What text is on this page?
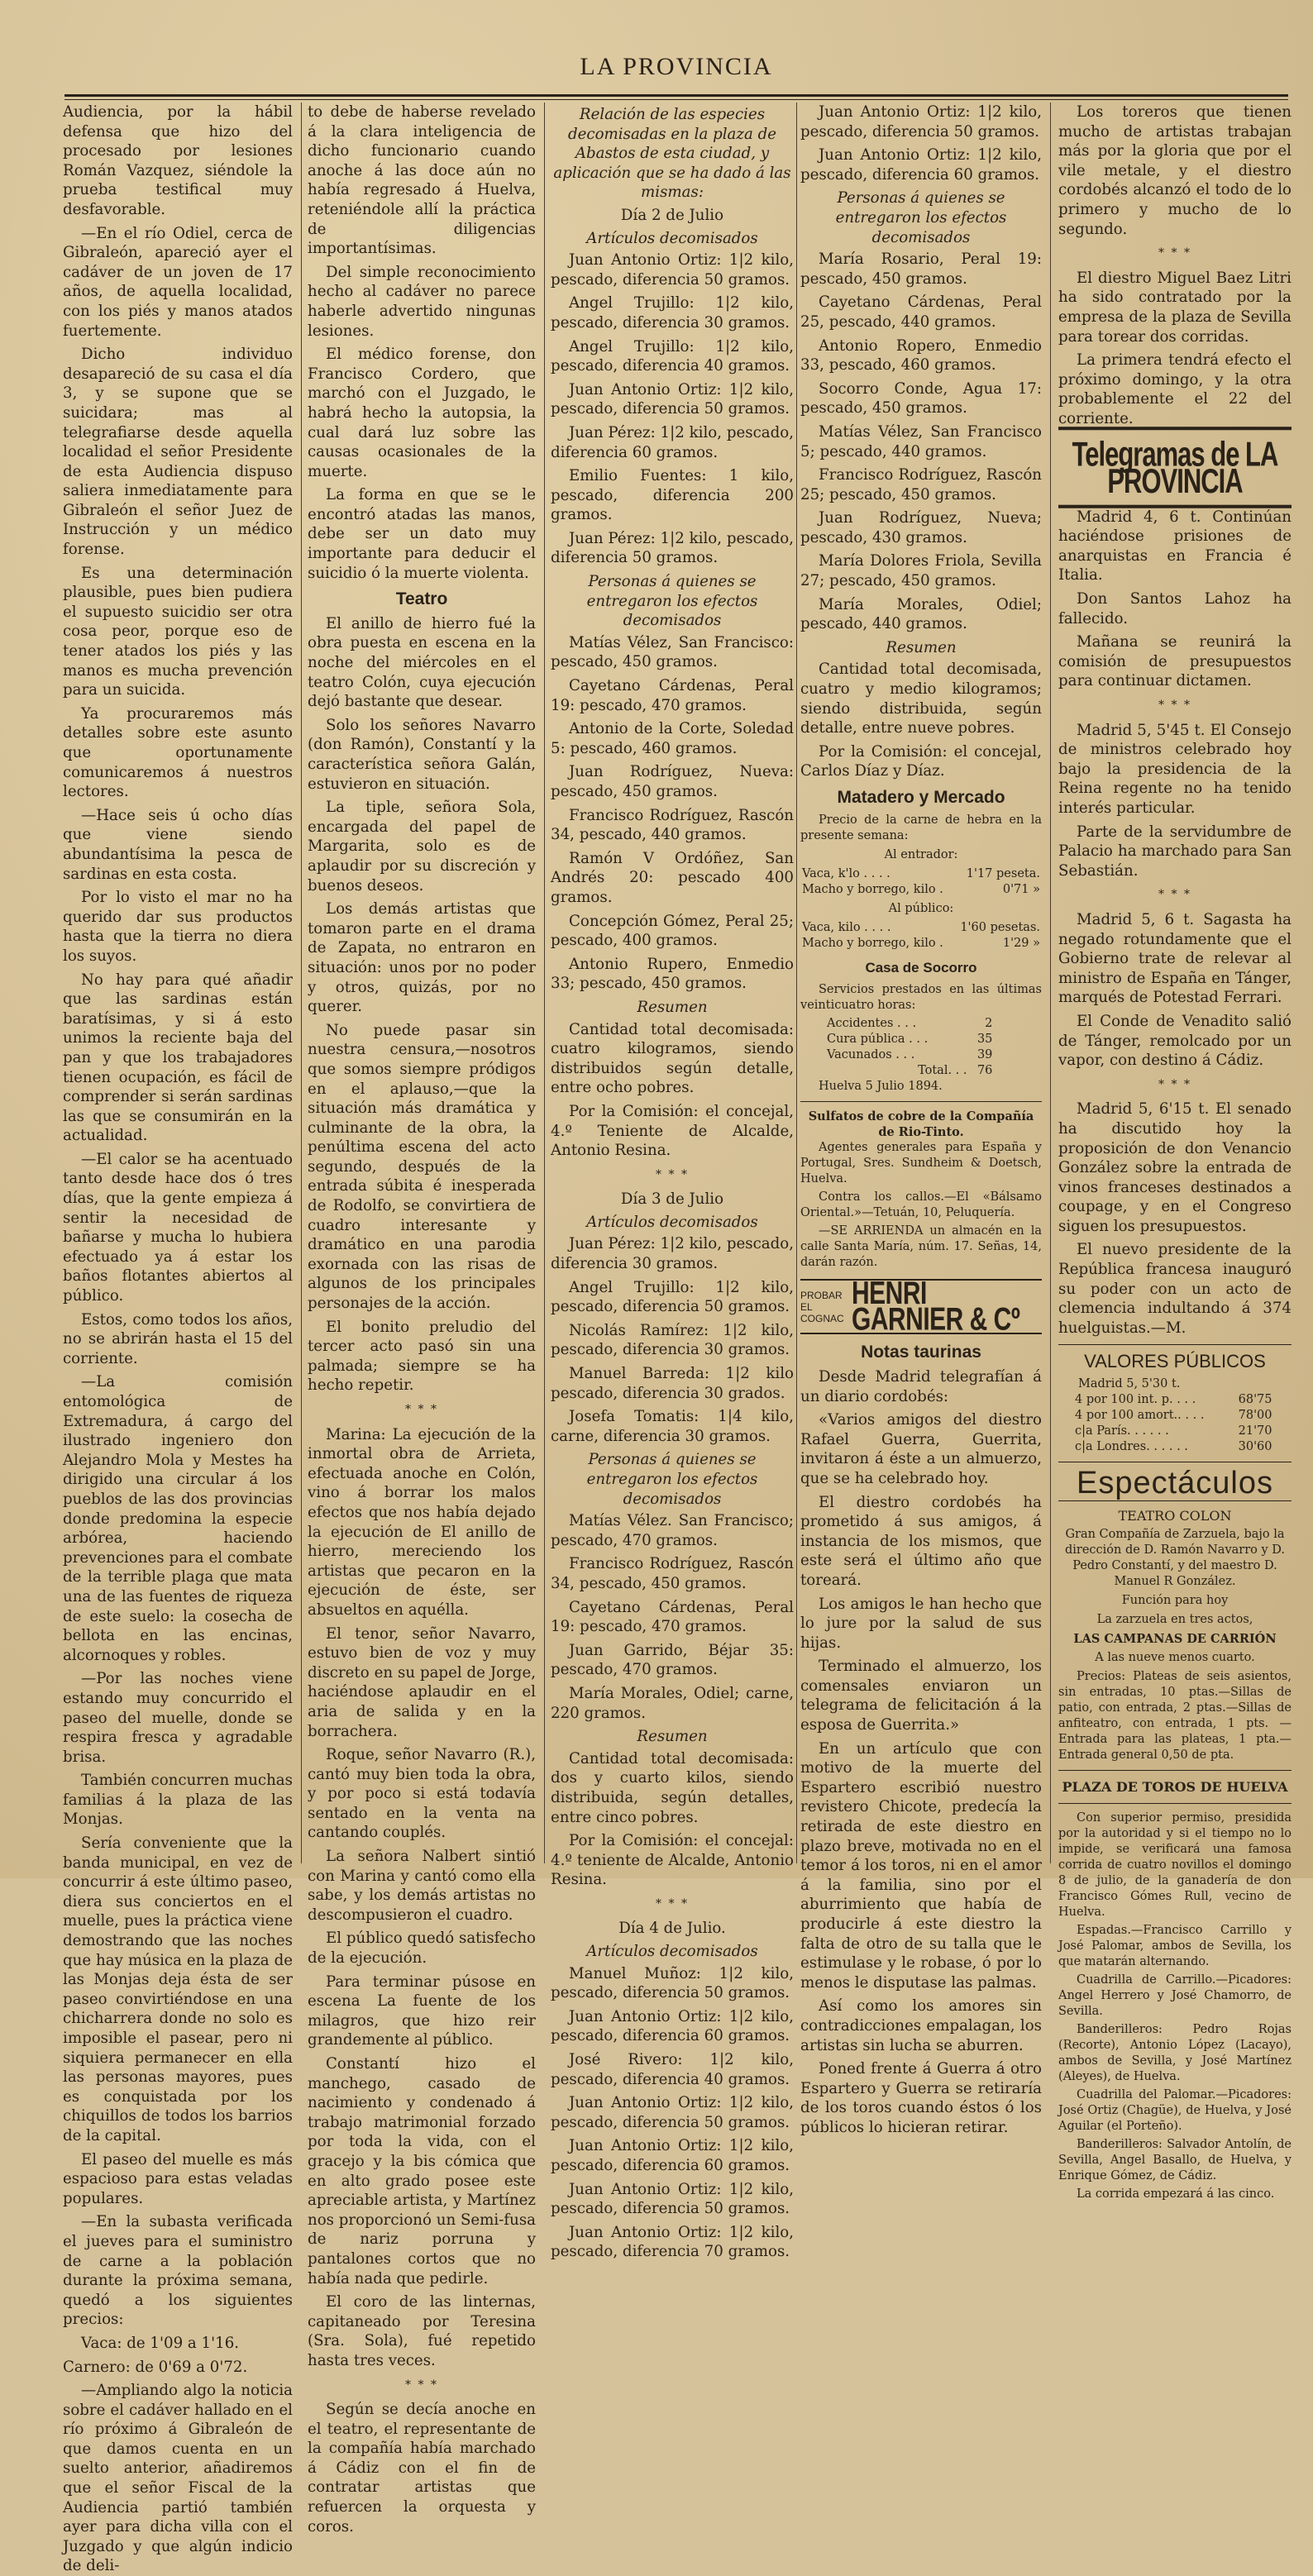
LA PROVINCIA

Audiencia, por la hábil defensa que hizo del procesado por lesiones Román Vazquez, siéndole la prueba testifical muy desfavorable.

—En el río Odiel, cerca de Gibraleón, apareció ayer el cadáver de un joven de 17 años, de aquella localidad, con los piés y manos atados fuertemente.

Dicho individuo desapareció de su casa el día 3, y se supone que se suicidara; mas al telegrafiarse desde aquella localidad el señor Presidente de esta Audiencia dispuso saliera inmediatamente para Gibraleón el señor Juez de Instrucción y un médico forense.

Es una determinación plausible, pues bien pudiera el supuesto suicidio ser otra cosa peor, porque eso de tener atados los piés y las manos es mucha prevención para un suicida.

Ya procuraremos más detalles sobre este asunto que oportunamente comunicaremos á nuestros lectores.

—Hace seis ú ocho días que viene siendo abundantísima la pesca de sardinas en esta costa.

Por lo visto el mar no ha querido dar sus productos hasta que la tierra no diera los suyos.

No hay para qué añadir que las sardinas están baratísimas, y si á esto unimos la reciente baja del pan y que los trabajadores tienen ocupación, es fácil de comprender si serán sardinas las que se consumirán en la actualidad.

—El calor se ha acentuado tanto desde hace dos ó tres días, que la gente empieza á sentir la necesidad de bañarse y mucha lo hubiera efectuado ya á estar los baños flotantes abiertos al público.

Estos, como todos los años, no se abrirán hasta el 15 del corriente.

—La comisión entomológica de Extremadura, á cargo del ilustrado ingeniero don Alejandro Mola y Mestes ha dirigido una circular á los pueblos de las dos provincias donde predomina la especie arbórea, haciendo prevenciones para el combate de la terrible plaga que mata una de las fuentes de riqueza de este suelo: la cosecha de bellota en las encinas, alcornoques y robles.

—Por las noches viene estando muy concurrido el paseo del muelle, donde se respira fresca y agradable brisa.

También concurren muchas familias á la plaza de las Monjas.

Sería conveniente que la banda municipal, en vez de concurrir á este último paseo, diera sus conciertos en el muelle, pues la práctica viene demostrando que las noches que hay música en la plaza de las Monjas deja ésta de ser paseo convirtiéndose en una chicharrera donde no solo es imposible el pasear, pero ni siquiera permanecer en ella las personas mayores, pues es conquistada por los chiquillos de todos los barrios de la capital.

El paseo del muelle es más espacioso para estas veladas populares.

—En la subasta verificada el jueves para el suministro de carne a la población durante la próxima semana, quedó a los siguientes precios:

Vaca: de 1'09 a 1'16.

Carnero: de 0'69 a 0'72.

—Ampliando algo la noticia sobre el cadáver hallado en el río próximo á Gibraleón de que damos cuenta en un suelto anterior, añadiremos que el señor Fiscal de la Audiencia partió también ayer para dicha villa con el Juzgado y que algún indicio de deli-

to debe de haberse revelado á la clara inteligencia de dicho funcionario cuando anoche á las doce aún no había regresado á Huelva, reteniéndole allí la práctica de diligencias importantísimas.

Del simple reconocimiento hecho al cadáver no parece haberle advertido ningunas lesiones.

El médico forense, don Francisco Cordero, que marchó con el Juzgado, le habrá hecho la autopsia, la cual dará luz sobre las causas ocasionales de la muerte.

La forma en que se le encontró atadas las manos, debe ser un dato muy importante para deducir el suicidio ó la muerte violenta.

Teatro

El anillo de hierro fué la obra puesta en escena en la noche del miércoles en el teatro Colón, cuya ejecución dejó bastante que desear.

Solo los señores Navarro (don Ramón), Constantí y la característica señora Galán, estuvieron en situación.

La tiple, señora Sola, encargada del papel de Margarita, solo es de aplaudir por su discreción y buenos deseos.

Los demás artistas que tomaron parte en el drama de Zapata, no entraron en situación: unos por no poder y otros, quizás, por no querer.

No puede pasar sin nuestra censura,—nosotros que somos siempre pródigos en el aplauso,—que la situación más dramática y culminante de la obra, la penúltima escena del acto segundo, después de la entrada súbita é inesperada de Rodolfo, se convirtiera de cuadro interesante y dramático en una parodia exornada con las risas de algunos de los principales personajes de la acción.

El bonito preludio del tercer acto pasó sin una palmada; siempre se ha hecho repetir.

* * *

Marina: La ejecución de la inmortal obra de Arrieta, efectuada anoche en Colón, vino á borrar los malos efectos que nos había dejado la ejecución de El anillo de hierro, mereciendo los artistas que pecaron en la ejecución de éste, ser absueltos en aquélla.

El tenor, señor Navarro, estuvo bien de voz y muy discreto en su papel de Jorge, haciéndose aplaudir en el aria de salida y en la borrachera.

Roque, señor Navarro (R.), cantó muy bien toda la obra, y por poco si está todavía sentado en la venta na cantando couplés.

La señora Nalbert sintió con Marina y cantó como ella sabe, y los demás artistas no descompusieron el cuadro.

El público quedó satisfecho de la ejecución.

Para terminar púsose en escena La fuente de los milagros, que hizo reir grandemente al público.

Constantí hizo el manchego, casado de nacimiento y condenado á trabajo matrimonial forzado por toda la vida, con el gracejo y la bis cómica que en alto grado posee este apreciable artista, y Martínez nos proporcionó un Semi-fusa de nariz porruna y pantalones cortos que no había nada que pedirle.

El coro de las linternas, capitaneado por Teresina (Sra. Sola), fué repetido hasta tres veces.

* * *

Según se decía anoche en el teatro, el representante de la compañía había marchado á Cádiz con el fin de contratar artistas que refuercen la orquesta y coros.

Relación de las especies decomisadas en la plaza de Abastos de esta ciudad, y aplicación que se ha dado á las mismas:
Día 2 de Julio
Artículos decomisados

Juan Antonio Ortiz: 1|2 kilo, pescado, diferencia 50 gramos.

Angel Trujillo: 1|2 kilo, pescado, diferencia 30 gramos.

Angel Trujillo: 1|2 kilo, pescado, diferencia 40 gramos.

Juan Antonio Ortiz: 1|2 kilo, pescado, diferencia 50 gramos.

Juan Pérez: 1|2 kilo, pescado, diferencia 60 gramos.

Emilio Fuentes: 1 kilo, pescado, diferencia 200 gramos.

Juan Pérez: 1|2 kilo, pescado, diferencia 50 gramos.

Personas á quienes se entregaron los efectos decomisados

Matías Vélez, San Francisco: pescado, 450 gramos.

Cayetano Cárdenas, Peral 19: pescado, 470 gramos.

Antonio de la Corte, Soledad 5: pescado, 460 gramos.

Juan Rodríguez, Nueva: pescado, 450 gramos.

Francisco Rodríguez, Rascón 34, pescado, 440 gramos.

Ramón V Ordóñez, San Andrés 20: pescado 400 gramos.

Concepción Gómez, Peral 25; pescado, 400 gramos.

Antonio Rupero, Enmedio 33; pescado, 450 gramos.

Resumen

Cantidad total decomisada: cuatro kilogramos, siendo distribuidos según detalle, entre ocho pobres.

Por la Comisión: el concejal, 4.º Teniente de Alcalde, Antonio Resina.

* * *
Día 3 de Julio
Artículos decomisados

Juan Pérez: 1|2 kilo, pescado, diferencia 30 gramos.

Angel Trujillo: 1|2 kilo, pescado, diferencia 50 gramos.

Nicolás Ramírez: 1|2 kilo, pescado, diferencia 30 gramos.

Manuel Barreda: 1|2 kilo pescado, diferencia 30 grados.

Josefa Tomatis: 1|4 kilo, carne, diferencia 30 gramos.

Personas á quienes se entregaron los efectos decomisados

Matías Vélez. San Francisco; pescado, 470 gramos.

Francisco Rodríguez, Rascón 34, pescado, 450 gramos.

Cayetano Cárdenas, Peral 19: pescado, 470 gramos.

Juan Garrido, Béjar 35: pescado, 470 gramos.

María Morales, Odiel; carne, 220 gramos.

Resumen

Cantidad total decomisada: dos y cuarto kilos, siendo distribuida, según detalles, entre cinco pobres.

Por la Comisión: el concejal: 4.º teniente de Alcalde, Antonio Resina.

* * *
Día 4 de Julio.
Artículos decomisados

Manuel Muñoz: 1|2 kilo, pescado, diferencia 50 gramos.

Juan Antonio Ortiz: 1|2 kilo, pescado, diferencia 60 gramos.

José Rivero: 1|2 kilo, pescado, diferencia 40 gramos.

Juan Antonio Ortiz: 1|2 kilo, pescado, diferencia 50 gramos.

Juan Antonio Ortiz: 1|2 kilo, pescado, diferencia 60 gramos.

Juan Antonio Ortiz: 1|2 kilo, pescado, diferencia 50 gramos.

Juan Antonio Ortiz: 1|2 kilo, pescado, diferencia 70 gramos.

Juan Antonio Ortiz: 1|2 kilo, pescado, diferencia 50 gramos.

Juan Antonio Ortiz: 1|2 kilo, pescado, diferencia 60 gramos.

Personas á quienes se entregaron los efectos decomisados

María Rosario, Peral 19: pescado, 450 gramos.

Cayetano Cárdenas, Peral 25, pescado, 440 gramos.

Antonio Ropero, Enmedio 33, pescado, 460 gramos.

Socorro Conde, Agua 17: pescado, 450 gramos.

Matías Vélez, San Francisco 5; pescado, 440 gramos.

Francisco Rodríguez, Rascón 25; pescado, 450 gramos.

Juan Rodríguez, Nueva; pescado, 430 gramos.

María Dolores Friola, Sevilla 27; pescado, 450 gramos.

María Morales, Odiel; pescado, 440 gramos.

Resumen

Cantidad total decomisada, cuatro y medio kilogramos; siendo distribuida, según detalle, entre nueve pobres.

Por la Comisión: el concejal, Carlos Díaz y Díaz.

Matadero y Mercado

Precio de la carne de hebra en la presente semana:

Al entrador:
Vaca, k'lo . . . .	1'17 peseta.
Macho y borrego, kilo .	0'71 »
Al público:
Vaca, kilo . . . .	1'60 pesetas.
Macho y borrego, kilo .	1'29 »
Casa de Socorro

Servicios prestados en las últimas veinticuatro horas:

Accidentes . . .	2
Cura pública . . .	35
Vacunados . . .	39
Total. . .	76

Huelva 5 Julio 1894.

Sulfatos de cobre de la Compañía de Rio-Tinto.

Agentes generales para España y Portugal, Sres. Sundheim & Doetsch, Huelva.

Contra los callos.—El «Bálsamo Oriental.»—Tetuán, 10, Peluquería.

—SE ARRIENDA un almacén en la calle Santa María, núm. 17. Señas, 14, darán razón.

PROBAR EL COGNAC
HENRI GARNIER & Cº
Notas taurinas

Desde Madrid telegrafían á un diario cordobés:

«Varios amigos del diestro Rafael Guerra, Guerrita, invitaron á éste a un almuerzo, que se ha celebrado hoy.

El diestro cordobés ha prometido á sus amigos, á instancia de los mismos, que este será el último año que toreará.

Los amigos le han hecho que lo jure por la salud de sus hijas.

Terminado el almuerzo, los comensales enviaron un telegrama de felicitación á la esposa de Guerrita.»

En un artículo que con motivo de la muerte del Espartero escribió nuestro revistero Chicote, predecía la retirada de este diestro en plazo breve, motivada no en el temor á los toros, ni en el amor á la familia, sino por el aburrimiento que había de producirle á este diestro la falta de otro de su talla que le estimulase y le robase, ó por lo menos le disputase las palmas.

Así como los amores sin contradicciones empalagan, los artistas sin lucha se aburren.

Poned frente á Guerra á otro Espartero y Guerra se retiraría de los toros cuando éstos ó los públicos lo hicieran retirar.

Los toreros que tienen mucho de artistas trabajan más por la gloria que por el vile metale, y el diestro cordobés alcanzó el todo de lo primero y mucho de lo segundo.

* * *

El diestro Miguel Baez Litri ha sido contratado por la empresa de la plaza de Sevilla para torear dos corridas.

La primera tendrá efecto el próximo domingo, y la otra probablemente el 22 del corriente.

Telegramas de LA PROVINCIA

Madrid 4, 6 t. Continúan haciéndose prisiones de anarquistas en Francia é Italia.

Don Santos Lahoz ha fallecido.

Mañana se reunirá la comisión de presupuestos para continuar dictamen.

* * *

Madrid 5, 5'45 t. El Consejo de ministros celebrado hoy bajo la presidencia de la Reina regente no ha tenido interés particular.

Parte de la servidumbre de Palacio ha marchado para San Sebastián.

* * *

Madrid 5, 6 t. Sagasta ha negado rotundamente que el Gobierno trate de relevar al ministro de España en Tánger, marqués de Potestad Ferrari.

El Conde de Venadito salió de Tánger, remolcado por un vapor, con destino á Cádiz.

* * *

Madrid 5, 6'15 t. El senado ha discutido hoy la proposición de don Venancio González sobre la entrada de vinos franceses destinados a coupage, y en el Congreso siguen los presupuestos.

El nuevo presidente de la República francesa inauguró su poder con un acto de clemencia indultando á 374 huelguistas.—M.

VALORES PÚBLICOS
Madrid 5, 5'30 t.
4 por 100 int. p. . . .	68'75
4 por 100 amort.. . . .	78'00
c|a París. . . . . .	21'70
c|a Londres. . . . . .	30'60
Espectáculos
TEATRO COLON
Gran Compañía de Zarzuela, bajo la dirección de D. Ramón Navarro y D. Pedro Constantí, y del maestro D. Manuel R González.
Función para hoy
La zarzuela en tres actos,
LAS CAMPANAS DE CARRIÓN
A las nueve menos cuarto.

Precios: Plateas de seis asientos, sin entradas, 10 ptas.—Sillas de patio, con entrada, 2 ptas.—Sillas de anfiteatro, con entrada, 1 pts. —Entrada para las plateas, 1 pta.—Entrada general 0,50 de pta.

PLAZA DE TOROS DE HUELVA

Con superior permiso, presidida por la autoridad y si el tiempo no lo impide, se verificará una famosa corrida de cuatro novillos el domingo 8 de julio, de la ganadería de don Francisco Gómes Rull, vecino de Huelva.

Espadas.—Francisco Carrillo y José Palomar, ambos de Sevilla, los que matarán alternando.

Cuadrilla de Carrillo.—Picadores: Angel Herrero y José Chamorro, de Sevilla.

Banderilleros: Pedro Rojas (Recorte), Antonio López (Lacayo), ambos de Sevilla, y José Martínez (Aleyes), de Huelva.

Cuadrilla del Palomar.—Picadores: José Ortiz (Chagüe), de Huelva, y José Aguilar (el Porteño).

Banderilleros: Salvador Antolín, de Sevilla, Angel Basallo, de Huelva, y Enrique Gómez, de Cádiz.

La corrida empezará á las cinco.
